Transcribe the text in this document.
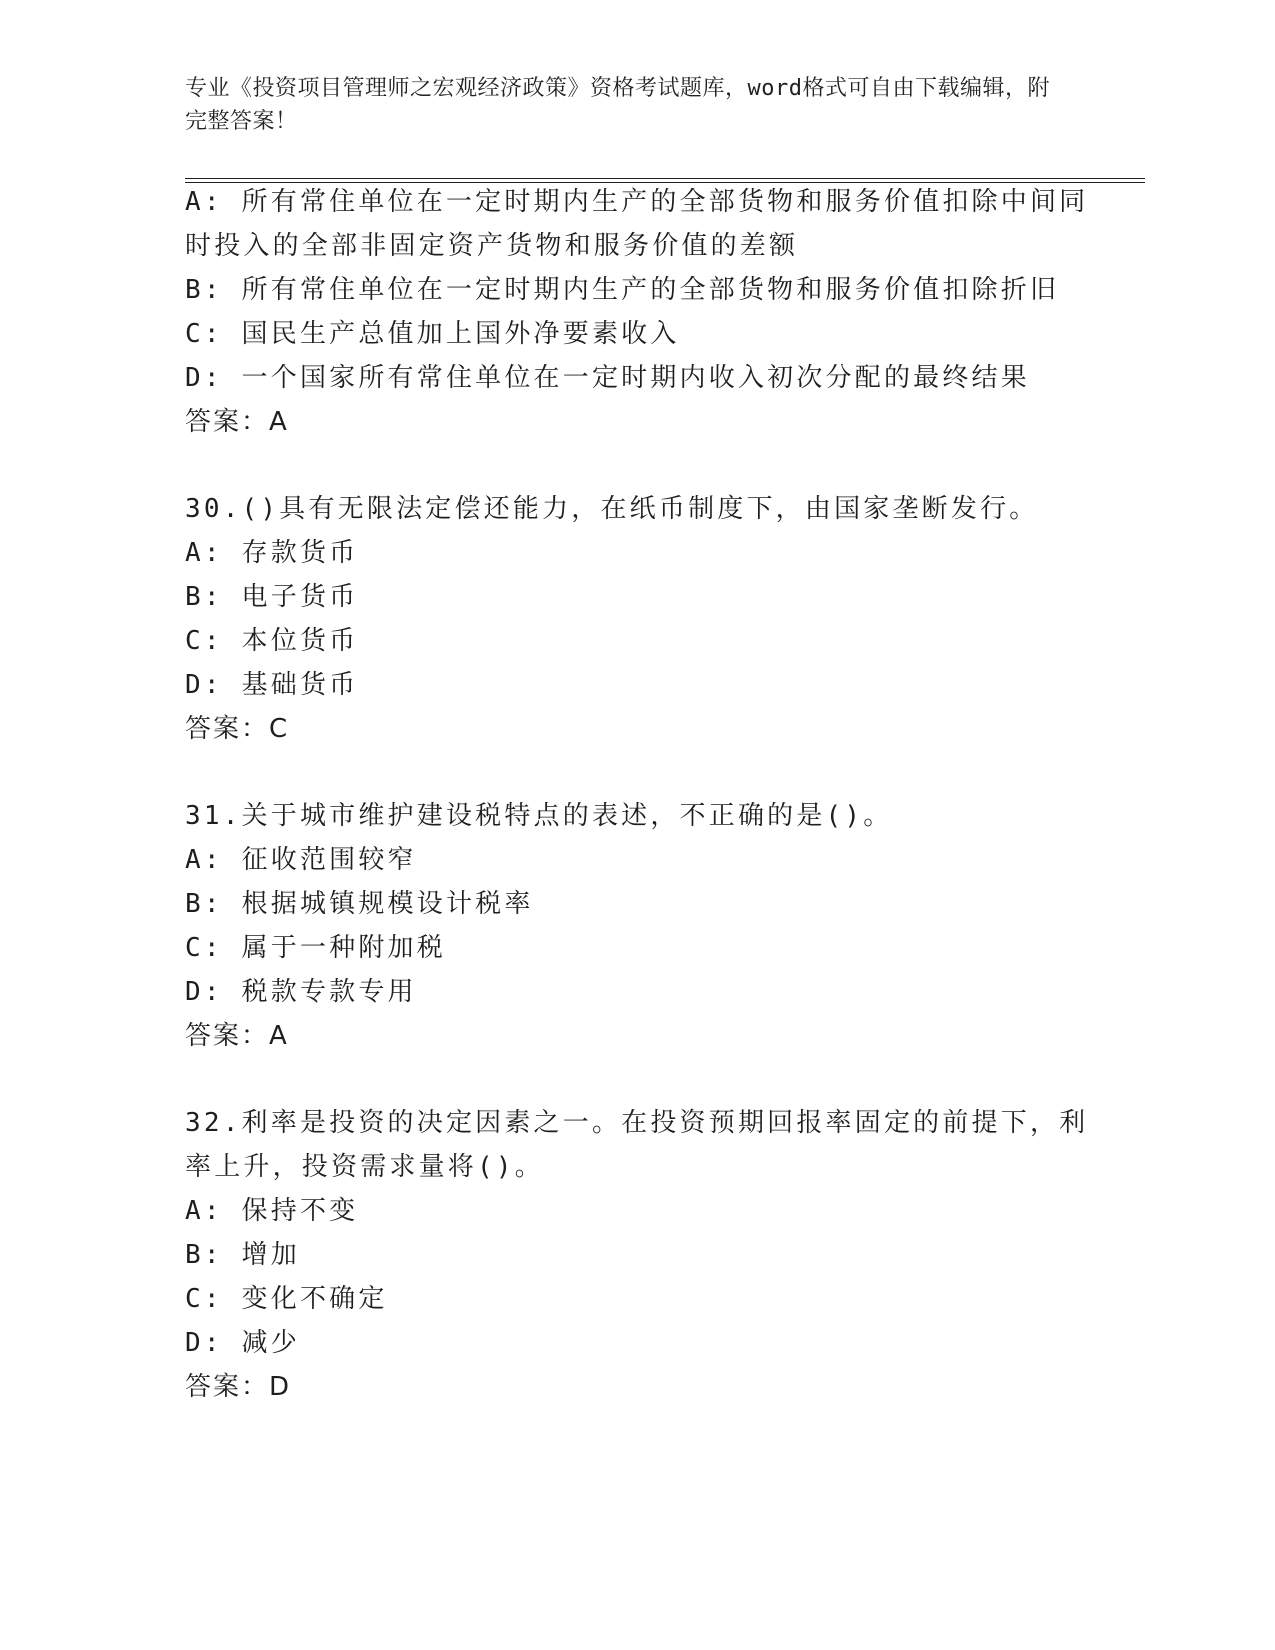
专业《投资项目管理师之宏观经济政策》资格考试题库，word格式可自由下载编辑，附完整答案！
A: 所有常住单位在一定时期内生产的全部货物和服务价值扣除中间同
时投入的全部非固定资产货物和服务价值的差额
B: 所有常住单位在一定时期内生产的全部货物和服务价值扣除折旧
C: 国民生产总值加上国外净要素收入
D: 一个国家所有常住单位在一定时期内收入初次分配的最终结果
答案：A
30.()具有无限法定偿还能力，在纸币制度下，由国家垄断发行。
A: 存款货币
B: 电子货币
C: 本位货币
D: 基础货币
答案：C
31.关于城市维护建设税特点的表述，不正确的是()。
A: 征收范围较窄
B: 根据城镇规模设计税率
C: 属于一种附加税
D: 税款专款专用
答案：A
32.利率是投资的决定因素之一。在投资预期回报率固定的前提下，利
率上升，投资需求量将()。
A: 保持不变
B: 增加
C: 变化不确定
D: 减少
答案：D
